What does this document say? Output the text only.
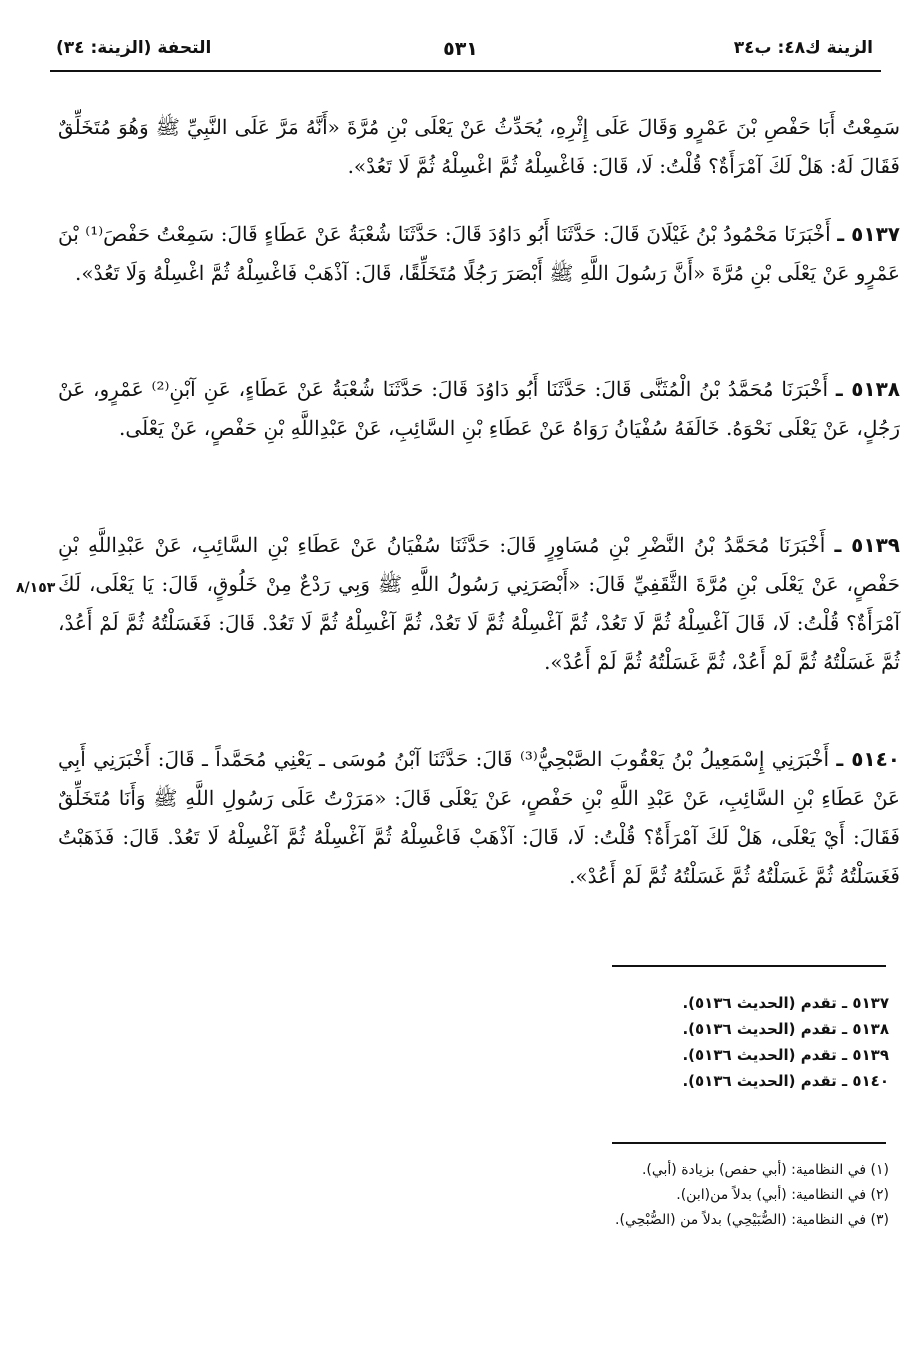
الزينة ك٤٨: ب٣٤
٥٣١
التحفة (الزينة: ٣٤)

سَمِعْتُ أَبَا حَفْصِ بْنَ عَمْرٍو وَقَالَ عَلَى إِثْرِهِ، يُحَدِّثُ عَنْ يَعْلَى بْنِ مُرَّةَ «أَنَّهُ مَرَّ عَلَى النَّبِيِّ ﷺ وَهُوَ مُتَخَلِّقٌ فَقَالَ لَهُ: هَلْ لَكَ آمْرَأَةٌ؟ قُلْتُ: لَا، قَالَ: فَاغْسِلْهُ ثُمَّ اغْسِلْهُ ثُمَّ لَا تَعُدْ».

٥١٣٧ ـ أَخْبَرَنَا مَحْمُودُ بْنُ غَيْلَانَ قَالَ: حَدَّثَنَا أَبُو دَاوُدَ قَالَ: حَدَّثَنَا شُعْبَةُ عَنْ عَطَاءٍ قَالَ: سَمِعْتُ حَفْصَ⁽¹⁾ بْنَ عَمْرٍو عَنْ يَعْلَى بْنِ مُرَّةَ «أَنَّ رَسُولَ اللَّهِ ﷺ أَبْصَرَ رَجُلًا مُتَخَلِّقًا، قَالَ: آذْهَبْ فَاغْسِلْهُ ثُمَّ اغْسِلْهُ وَلَا تَعُدْ».

٥١٣٨ ـ أَخْبَرَنَا مُحَمَّدُ بْنُ الْمُثَنَّى قَالَ: حَدَّثَنَا أَبُو دَاوُدَ قَالَ: حَدَّثَنَا شُعْبَةُ عَنْ عَطَاءٍ، عَنِ آبْنِ⁽²⁾ عَمْرٍو، عَنْ رَجُلٍ، عَنْ يَعْلَى نَحْوَهُ. خَالَفَهُ سُفْيَانُ رَوَاهُ عَنْ عَطَاءِ بْنِ السَّائِبِ، عَنْ عَبْدِاللَّهِ بْنِ حَفْصٍ، عَنْ يَعْلَى.

٥١٣٩ ـ أَخْبَرَنَا مُحَمَّدُ بْنُ النَّضْرِ بْنِ مُسَاوِرٍ قَالَ: حَدَّثَنَا سُفْيَانُ عَنْ عَطَاءِ بْنِ السَّائِبِ، عَنْ عَبْدِاللَّهِ بْنِ حَفْصٍ، عَنْ يَعْلَى بْنِ مُرَّةَ الثَّقَفِيِّ قَالَ: «أَبْصَرَنِي رَسُولُ اللَّهِ ﷺ وَبِي رَدْعٌ مِنْ خَلُوقٍ، قَالَ: يَا يَعْلَى، لَكَ آمْرَأَةٌ؟ قُلْتُ: لَا، قَالَ آغْسِلْهُ ثُمَّ لَا تَعُدْ، ثُمَّ آغْسِلْهُ ثُمَّ لَا تَعُدْ، ثُمَّ آغْسِلْهُ ثُمَّ لَا تَعُدْ. قَالَ: فَغَسَلْتُهُ ثُمَّ لَمْ أَعُدْ، ثُمَّ غَسَلْتُهُ ثُمَّ لَمْ أَعُدْ، ثُمَّ غَسَلْتُهُ ثُمَّ لَمْ أَعُدْ».

٨/١٥٣

٥١٤٠ ـ أَخْبَرَنِي إِسْمَعِيلُ بْنُ يَعْقُوبَ الصَّبْحِيُّ⁽³⁾ قَالَ: حَدَّثَنَا آبْنُ مُوسَى ـ يَعْنِي مُحَمَّداً ـ قَالَ: أَخْبَرَنِي أَبِي عَنْ عَطَاءِ بْنِ السَّائِبِ، عَنْ عَبْدِ اللَّهِ بْنِ حَفْصٍ، عَنْ يَعْلَى قَالَ: «مَرَرْتُ عَلَى رَسُولِ اللَّهِ ﷺ وَأَنَا مُتَخَلِّقٌ فَقَالَ: أَيْ يَعْلَى، هَلْ لَكَ آمْرَأَةٌ؟ قُلْتُ: لَا، قَالَ: آذْهَبْ فَاغْسِلْهُ ثُمَّ آغْسِلْهُ ثُمَّ آغْسِلْهُ لَا تَعُدْ. قَالَ: فَذَهَبْتُ فَغَسَلْتُهُ ثُمَّ غَسَلْتُهُ ثُمَّ غَسَلْتُهُ ثُمَّ لَمْ أَعُدْ».

٥١٣٧ ـ تقدم (الحديث ٥١٣٦).
٥١٣٨ ـ تقدم (الحديث ٥١٣٦).
٥١٣٩ ـ تقدم (الحديث ٥١٣٦).
٥١٤٠ ـ تقدم (الحديث ٥١٣٦).
(١) في النظامية: (أبي حفص) بزيادة (أبي).
(٢) في النظامية: (أبي) بدلاً من(ابن).
(٣) في النظامية: (الصُّبَيْحِي) بدلاً من (الصُّبْحِي).
